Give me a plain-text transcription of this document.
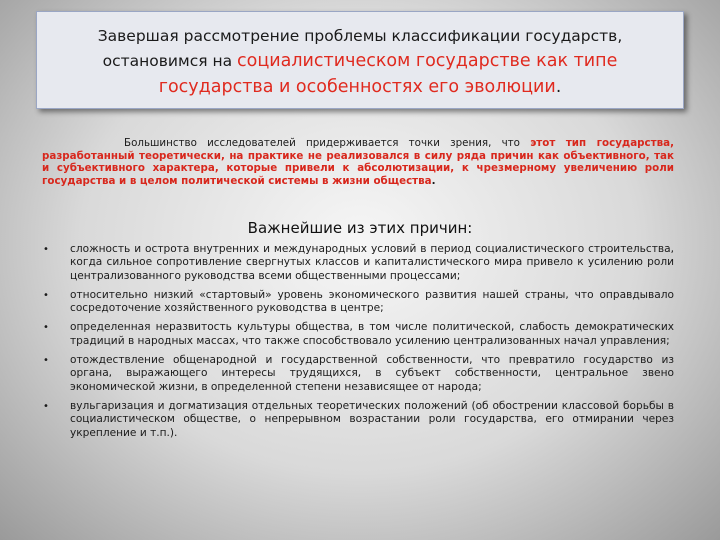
Завершая рассмотрение проблемы классификации государств,
остановимся на социалистическом государстве как типе
государства и особенностях его эволюции.
Большинство исследователей придерживается точки зрения, что этот тип государства, разработанный теоретически, на практике не реализовался в силу ряда причин как объективного, так и субъективного характера, которые привели к абсолютизации, к чрезмерному увеличению роли государства и в целом политической системы в жизни общества.
Важнейшие из этих причин:
• сложность и острота внутренних и международных условий в период социалистического строительства, когда сильное сопротивление свергнутых классов и капиталистического мира привело к усилению роли централизованного руководства всеми общественными процессами;
• относительно низкий «стартовый» уровень экономического развития нашей страны, что оправдывало сосредоточение хозяйственного руководства в центре;
• определенная неразвитость культуры общества, в том числе политической, слабость демократических традиций в народных массах, что также способствовало усилению централизованных начал управления;
• отождествление общенародной и государственной собственности, что превратило государство из органа, выражающего интересы трудящихся, в субъект собственности, центральное звено экономической жизни, в определенной степени независящее от народа;
• вульгаризация и догматизация отдельных теоретических положений (об обострении классовой борьбы в социалистическом обществе, о непрерывном возрастании роли государства, его отмирании через укрепление и т.п.).
